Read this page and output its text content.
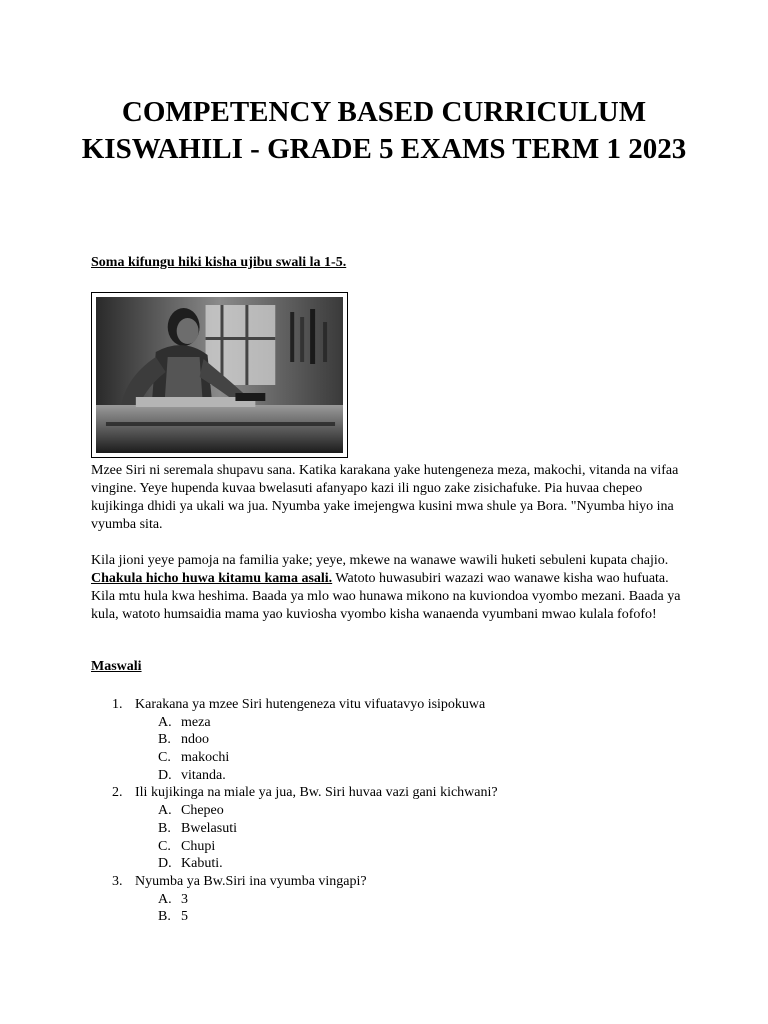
COMPETENCY BASED CURRICULUM KISWAHILI - GRADE 5 EXAMS TERM 1 2023

Soma kifungu hiki kisha ujibu swali la 1-5.

Mzee Siri ni seremala shupavu sana. Katika karakana yake hutengeneza meza, makochi, vitanda na vifaa vingine. Yeye hupenda kuvaa bwelasuti afanyapo kazi ili nguo zake zisichafuke. Pia huvaa chepeo kujikinga dhidi ya ukali wa jua. Nyumba yake imejengwa kusini mwa shule ya Bora. "Nyumba hiyo ina vyumba sita.

Kila jioni yeye pamoja na familia yake; yeye, mkewe na wanawe wawili huketi sebuleni kupata chajio. Chakula hicho huwa kitamu kama asali. Watoto huwasubiri wazazi wao wanawe kisha wao hufuata. Kila mtu hula kwa heshima. Baada ya mlo wao hunawa mikono na kuviondoa vyombo mezani. Baada ya kula, watoto humsaidia mama yao kuviosha vyombo kisha wanaenda vyumbani mwao kulala fofofo!

Maswali

1. Karakana ya mzee Siri hutengeneza vitu vifuatavyo isipokuwa
A. meza
B. ndoo
C. makochi
D. vitanda.
2. Ili kujikinga na miale ya jua, Bw. Siri huvaa vazi gani kichwani?
A. Chepeo
B. Bwelasuti
C. Chupi
D. Kabuti.
3. Nyumba ya Bw.Siri ina vyumba vingapi?
A. 3
B. 5
